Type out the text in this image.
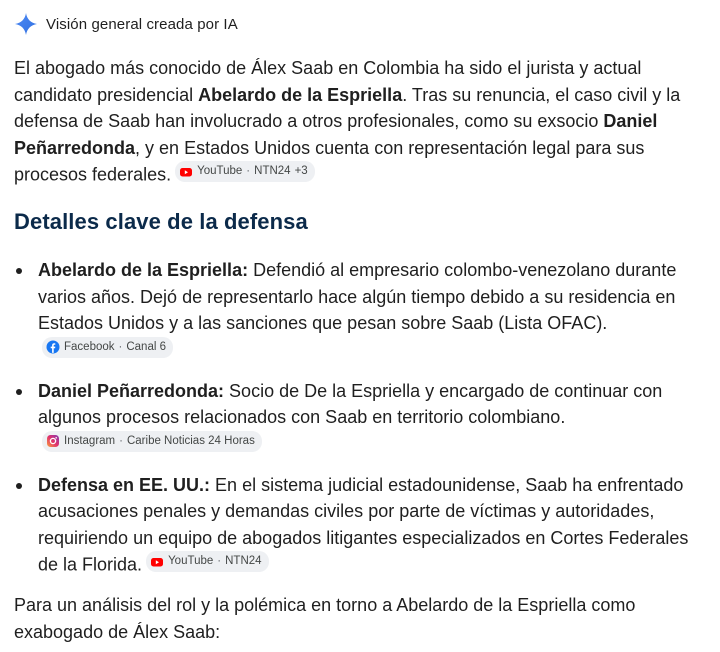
Visión general creada por IA
El abogado más conocido de Álex Saab en Colombia ha sido el jurista y actual candidato presidencial Abelardo de la Espriella. Tras su renuncia, el caso civil y la defensa de Saab han involucrado a otros profesionales, como su exsocio Daniel Peñarredonda, y en Estados Unidos cuenta con representación legal para sus procesos federales. YouTube · NTN24 +3
Detalles clave de la defensa
Abelardo de la Espriella: Defendió al empresario colombo-venezolano durante varios años. Dejó de representarlo hace algún tiempo debido a su residencia en Estados Unidos y a las sanciones que pesan sobre Saab (Lista OFAC).
Facebook · Canal 6
Daniel Peñarredonda: Socio de De la Espriella y encargado de continuar con algunos procesos relacionados con Saab en territorio colombiano.
Instagram · Caribe Noticias 24 Horas
Defensa en EE. UU.: En el sistema judicial estadounidense, Saab ha enfrentado acusaciones penales y demandas civiles por parte de víctimas y autoridades, requiriendo un equipo de abogados litigantes especializados en Cortes Federales de la Florida. YouTube · NTN24
Para un análisis del rol y la polémica en torno a Abelardo de la Espriella como exabogado de Álex Saab:
